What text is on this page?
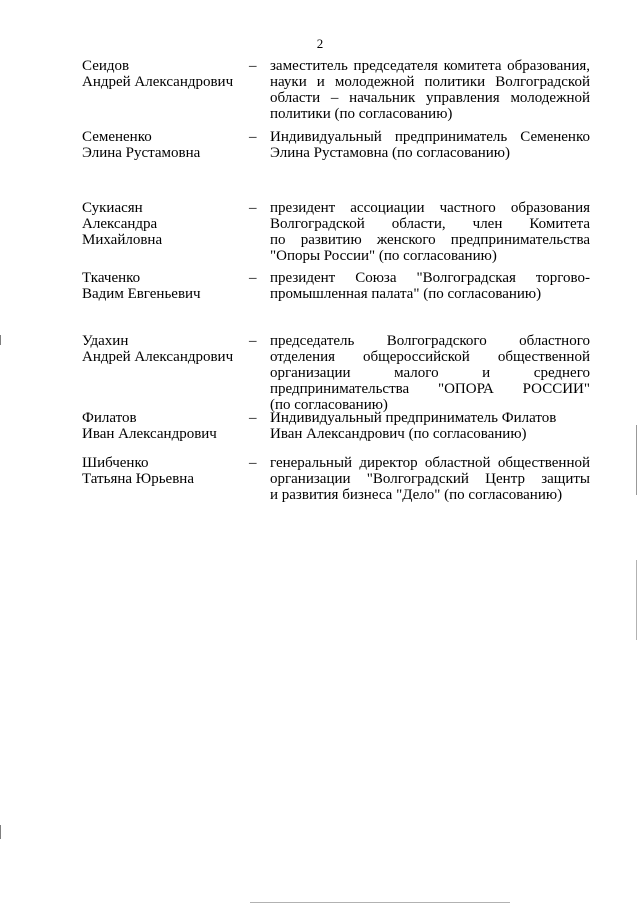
2
Сеидов
Андрей Александрович
– заместитель председателя комитета образования,
науки и молодежной политики Волгоградской
области – начальник управления молодежной
политики (по согласованию)
Семененко
Элина Рустамовна
– Индивидуальный предприниматель Семененко
Элина Рустамовна (по согласованию)
Сукиасян
Александра
Михайловна
– президент ассоциации частного образования
Волгоградской области, член Комитета
по развитию женского предпринимательства
"Опоры России" (по согласованию)
Ткаченко
Вадим Евгеньевич
– президент Союза "Волгоградская торгово-
промышленная палата" (по согласованию)
Удахин
Андрей Александрович
– председатель Волгоградского областного
отделения общероссийской общественной
организации малого и среднего
предпринимательства "ОПОРА РОССИИ"
(по согласованию)
Филатов
Иван Александрович
– Индивидуальный предприниматель Филатов
Иван Александрович (по согласованию)
Шибченко
Татьяна Юрьевна
– генеральный директор областной общественной
организации "Волгоградский Центр защиты
и развития бизнеса "Дело" (по согласованию)
